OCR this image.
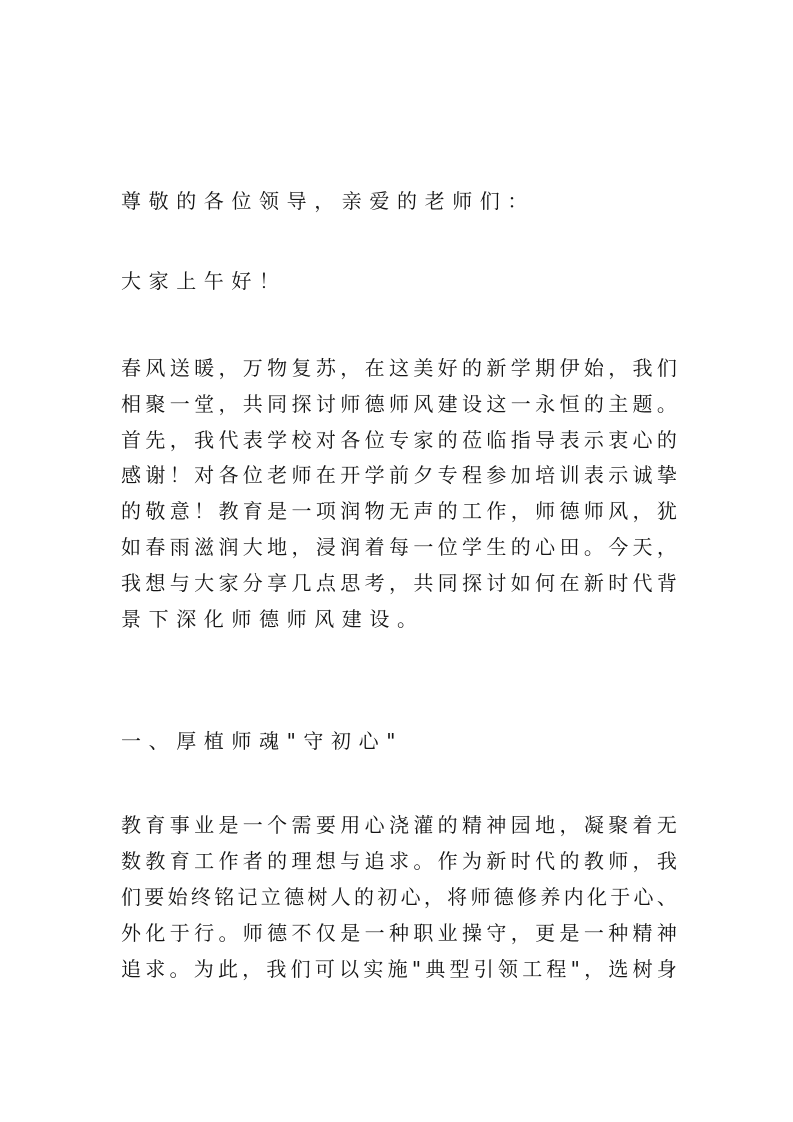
尊敬的各位领导，亲爱的老师们：
大家上午好！
春 风 送 暖 ， 万 物 复 苏 ， 在 这 美 好 的 新 学 期 伊 始 ， 我 们
相 聚 一 堂 ， 共 同 探 讨 师 德 师 风 建 设 这 一 永 恒 的 主 题 。
首 先 ， 我 代 表 学 校 对 各 位 专 家 的 莅 临 指 导 表 示 衷 心 的
感 谢 ！ 对 各 位 老 师 在 开 学 前 夕 专 程 参 加 培 训 表 示 诚 挚
的 敬 意 ！ 教 育 是 一 项 润 物 无 声 的 工 作 ， 师 德 师 风 ， 犹
如 春 雨 滋 润 大 地 ， 浸 润 着 每 一 位 学 生 的 心 田 。 今 天 ，
我 想 与 大 家 分 享 几 点 思 考 ， 共 同 探 讨 如 何 在 新 时 代 背
景下深化师德师风建设。
一、厚植师魂"守初心"
教 育 事 业 是 一 个 需 要 用 心 浇 灌 的 精 神 园 地 ， 凝 聚 着 无
数 教 育 工 作 者 的 理 想 与 追 求 。 作 为 新 时 代 的 教 师 ， 我
们 要 始 终 铭 记 立 德 树 人 的 初 心 ， 将 师 德 修 养 内 化 于 心 、
外 化 于 行 。 师 德 不 仅 是 一 种 职 业 操 守 ， 更 是 一 种 精 神
追 求 。 为 此 ， 我 们 可 以 实 施 " 典 型 引 领 工 程 " ， 选 树 身
